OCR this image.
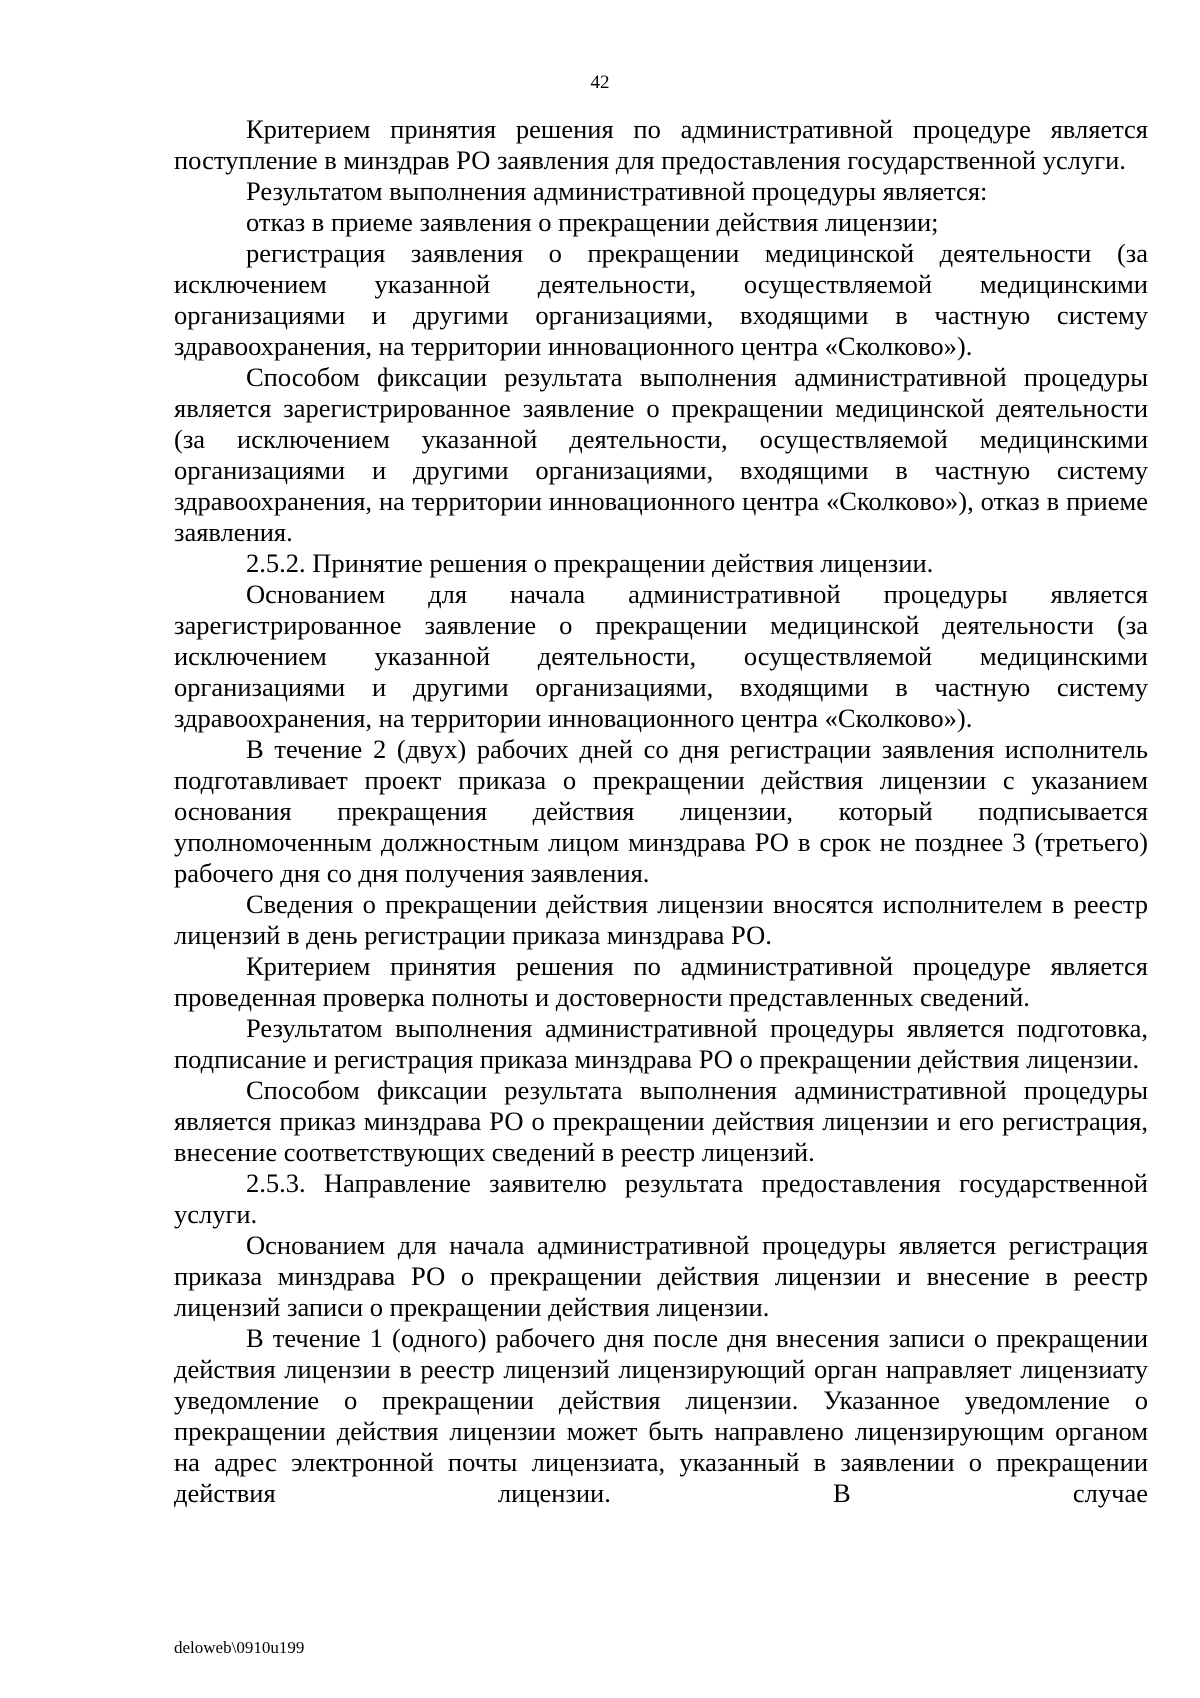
42

Критерием принятия решения по административной процедуре является поступление в минздрав РО заявления для предоставления государственной услуги.

Результатом выполнения административной процедуры является:

отказ в приеме заявления о прекращении действия лицензии;

регистрация заявления о прекращении медицинской деятельности (за исключением указанной деятельности, осуществляемой медицинскими организациями и другими организациями, входящими в частную систему здравоохранения, на территории инновационного центра «Сколково»).

Способом фиксации результата выполнения административной процедуры является зарегистрированное заявление о прекращении медицинской деятельности (за исключением указанной деятельности, осуществляемой медицинскими организациями и другими организациями, входящими в частную систему здравоохранения, на территории инновационного центра «Сколково»), отказ в приеме заявления.

2.5.2. Принятие решения о прекращении действия лицензии.

Основанием для начала административной процедуры является зарегистрированное заявление о прекращении медицинской деятельности (за исключением указанной деятельности, осуществляемой медицинскими организациями и другими организациями, входящими в частную систему здравоохранения, на территории инновационного центра «Сколково»).

В течение 2 (двух) рабочих дней со дня регистрации заявления исполнитель подготавливает проект приказа о прекращении действия лицензии с указанием основания прекращения действия лицензии, который подписывается уполномоченным должностным лицом минздрава РО в срок не позднее 3 (третьего) рабочего дня со дня получения заявления.

Сведения о прекращении действия лицензии вносятся исполнителем в реестр лицензий в день регистрации приказа минздрава РО.

Критерием принятия решения по административной процедуре является проведенная проверка полноты и достоверности представленных сведений.

Результатом выполнения административной процедуры является подготовка, подписание и регистрация приказа минздрава РО о прекращении действия лицензии.

Способом фиксации результата выполнения административной процедуры является приказ минздрава РО о прекращении действия лицензии и его регистрация, внесение соответствующих сведений в реестр лицензий.

2.5.3. Направление заявителю результата предоставления государственной услуги.

Основанием для начала административной процедуры является регистрация приказа минздрава РО о прекращении действия лицензии и внесение в реестр лицензий записи о прекращении действия лицензии.

В течение 1 (одного) рабочего дня после дня внесения записи о прекращении действия лицензии в реестр лицензий лицензирующий орган направляет лицензиату уведомление о прекращении действия лицензии. Указанное уведомление о прекращении действия лицензии может быть направлено лицензирующим органом на адрес электронной почты лицензиата, указанный в заявлении о прекращении действия лицензии. В случае

deloweb\0910u199
